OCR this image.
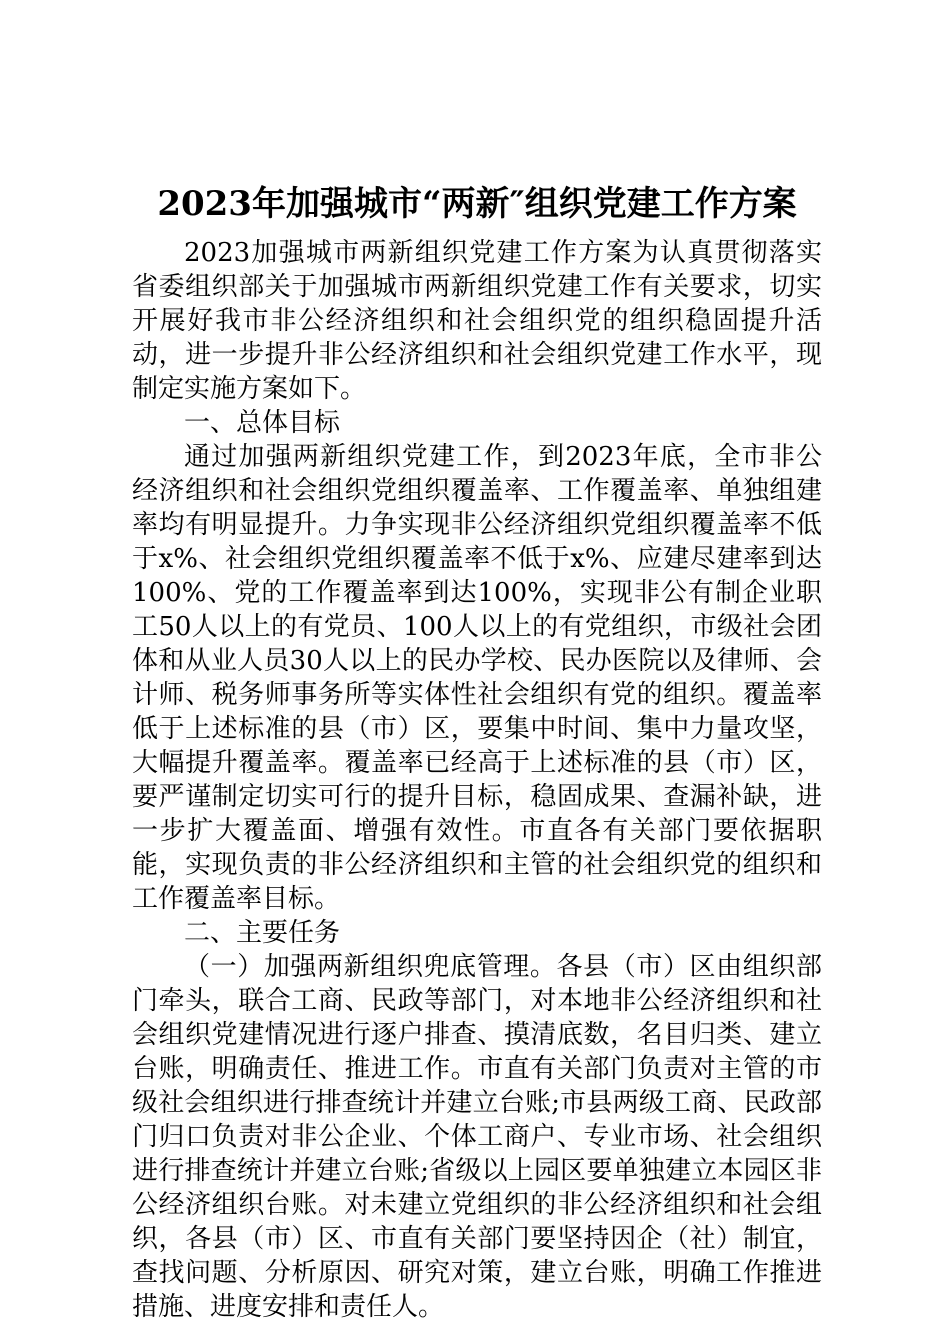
2023年加强城市“两新″组织党建工作方案

2023加强城市两新组织党建工作方案为认真贯彻落实省委组织部关于加强城市两新组织党建工作有关要求，切实开展好我市非公经济组织和社会组织党的组织稳固提升活动，进一步提升非公经济组织和社会组织党建工作水平，现制定实施方案如下。

一、总体目标

通过加强两新组织党建工作，到2023年底，全市非公经济组织和社会组织党组织覆盖率、工作覆盖率、单独组建率均有明显提升。力争实现非公经济组织党组织覆盖率不低于x%、社会组织党组织覆盖率不低于x%、应建尽建率到达100%、党的工作覆盖率到达100%，实现非公有制企业职工50人以上的有党员、100人以上的有党组织，市级社会团体和从业人员30人以上的民办学校、民办医院以及律师、会计师、税务师事务所等实体性社会组织有党的组织。覆盖率低于上述标准的县（市）区，要集中时间、集中力量攻坚，大幅提升覆盖率。覆盖率已经高于上述标准的县（市）区，要严谨制定切实可行的提升目标，稳固成果、查漏补缺，进一步扩大覆盖面、增强有效性。市直各有关部门要依据职能，实现负责的非公经济组织和主管的社会组织党的组织和工作覆盖率目标。

二、主要任务

（一）加强两新组织兜底管理。各县（市）区由组织部门牵头，联合工商、民政等部门，对本地非公经济组织和社会组织党建情况进行逐户排查、摸清底数，名目归类、建立台账，明确责任、推进工作。市直有关部门负责对主管的市级社会组织进行排查统计并建立台账;市县两级工商、民政部门归口负责对非公企业、个体工商户、专业市场、社会组织进行排查统计并建立台账;省级以上园区要单独建立本园区非公经济组织台账。对未建立党组织的非公经济组织和社会组织，各县（市）区、市直有关部门要坚持因企（社）制宜，查找问题、分析原因、研究对策，建立台账，明确工作推进措施、进度安排和责任人。
